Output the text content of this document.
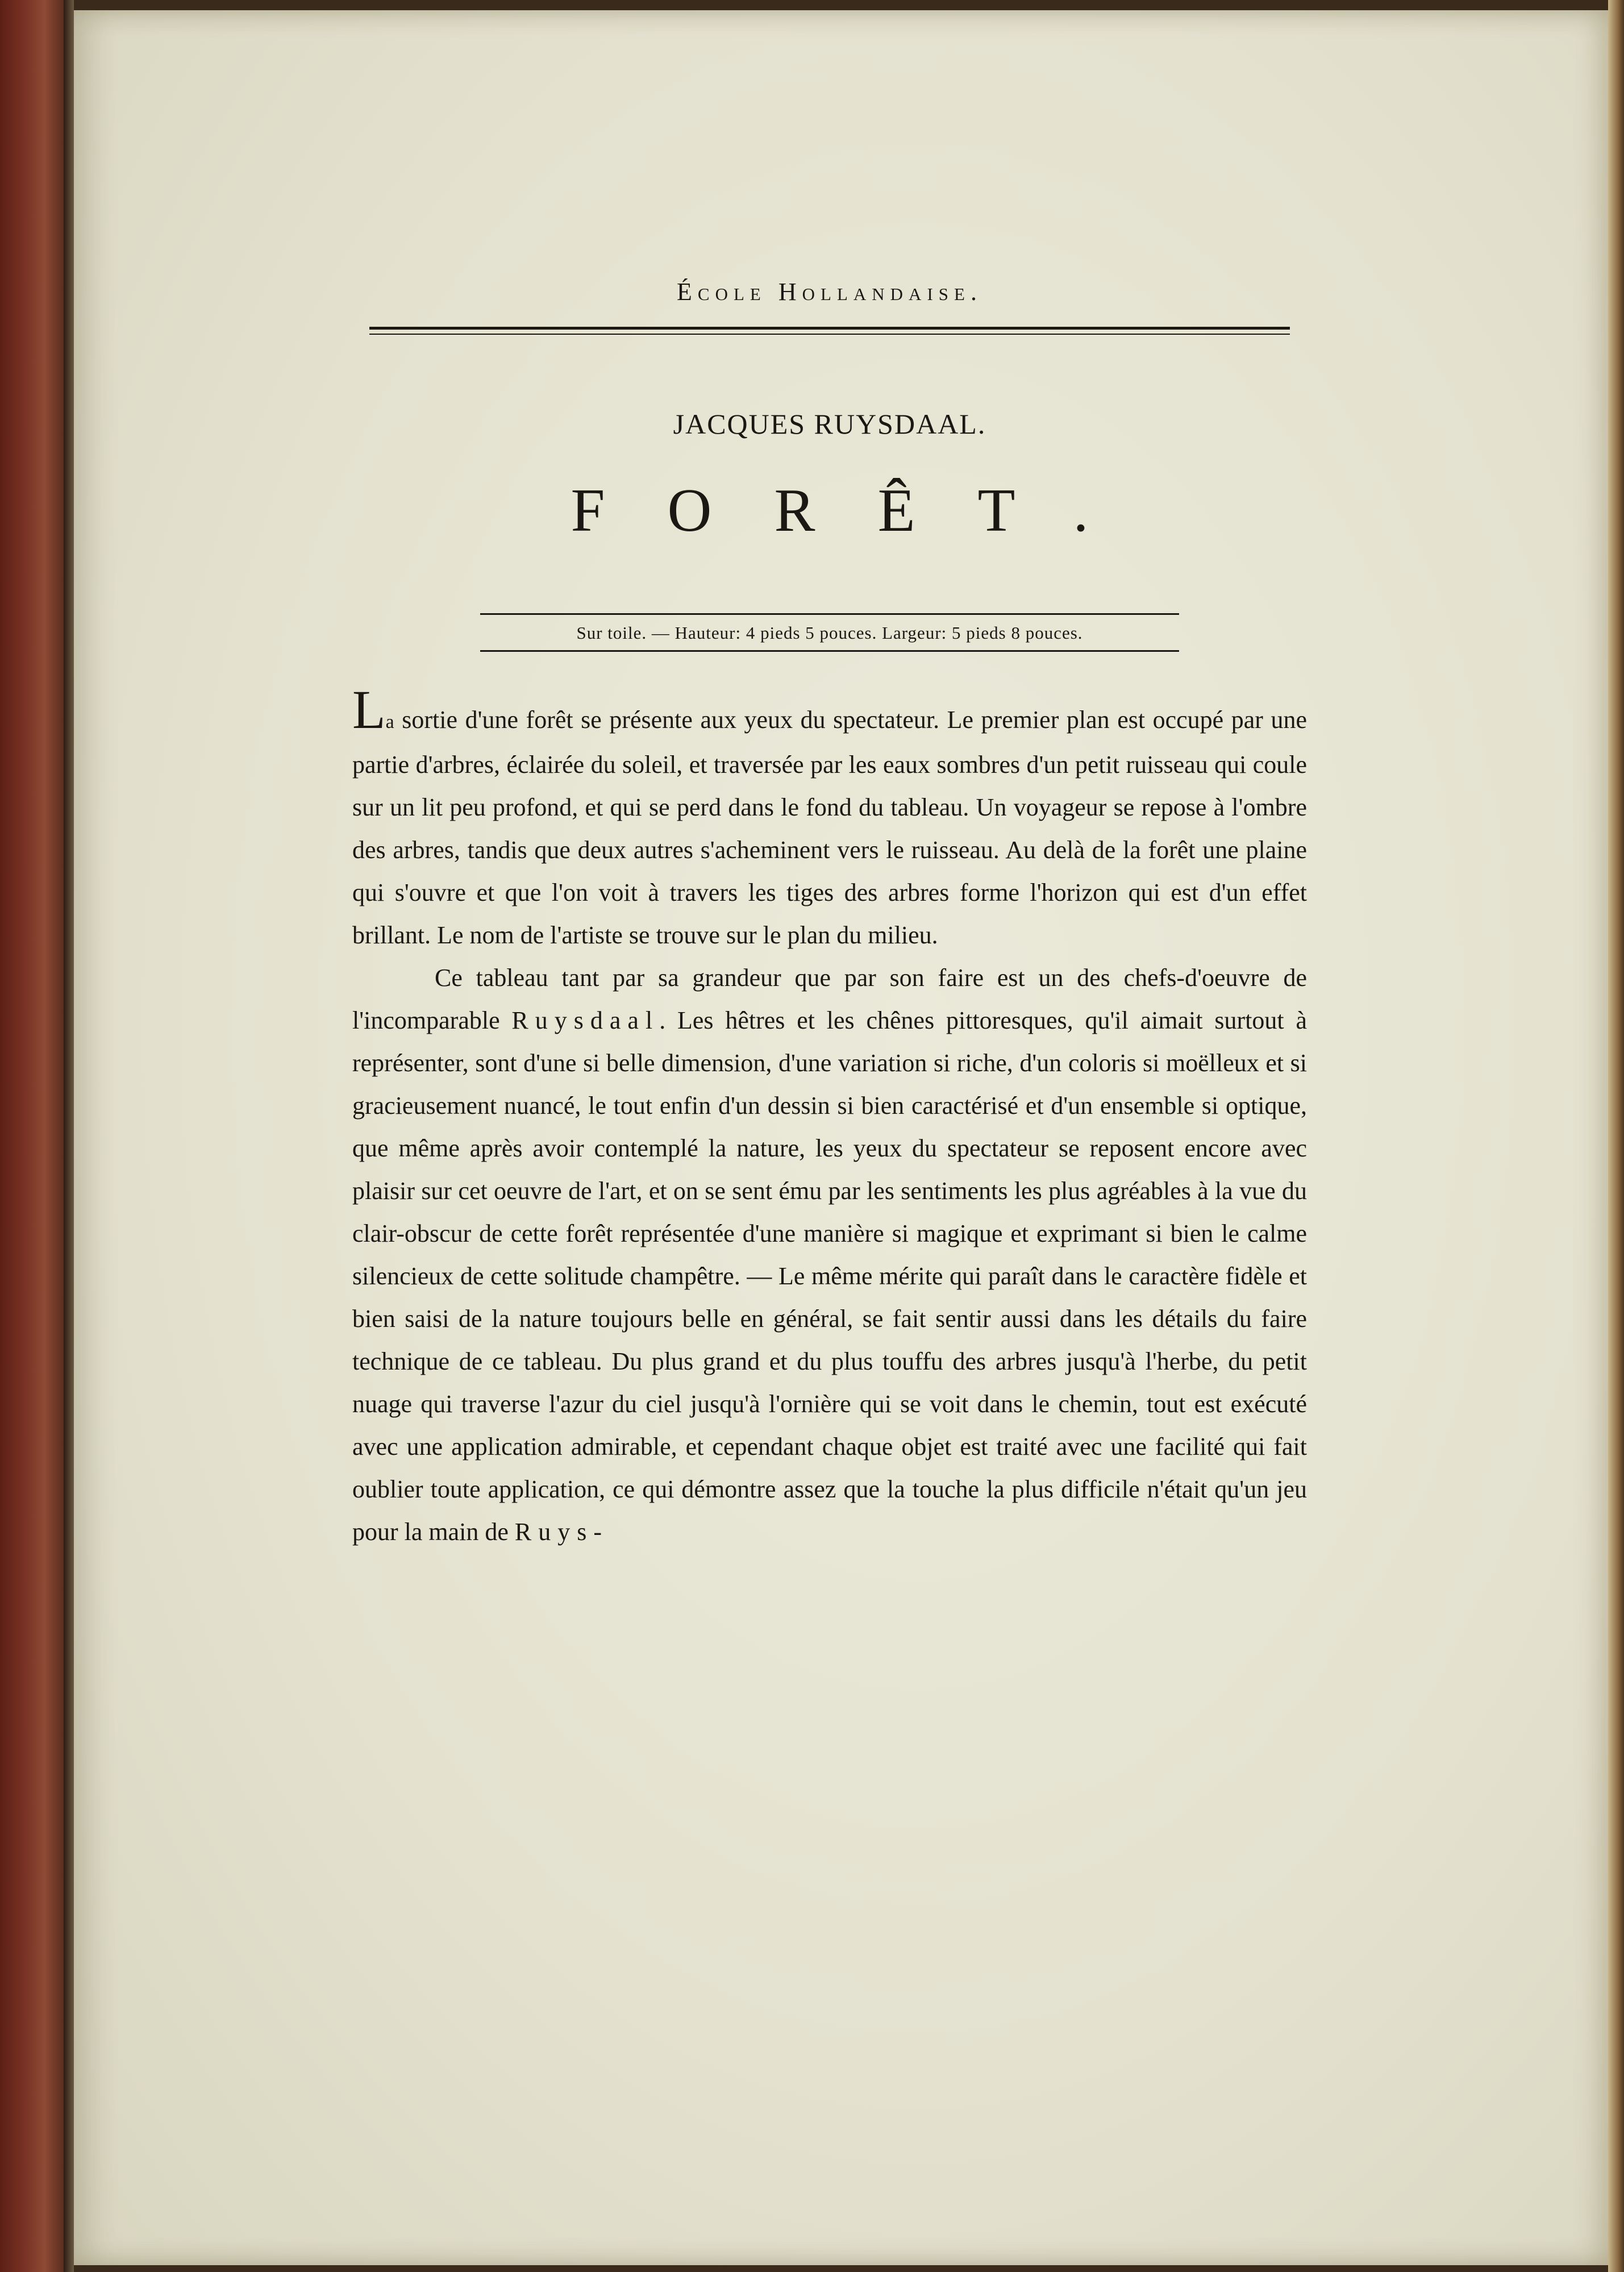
École Hollandaise.
JACQUES RUYSDAAL.
FORÊT.
Sur toile. — Hauteur: 4 pieds 5 pouces. Largeur: 5 pieds 8 pouces.

La sortie d'une forêt se présente aux yeux du spectateur. Le premier plan est occupé par une partie d'arbres, éclairée du soleil, et traversée par les eaux sombres d'un petit ruisseau qui coule sur un lit peu profond, et qui se perd dans le fond du tableau. Un voyageur se repose à l'ombre des arbres, tandis que deux autres s'acheminent vers le ruisseau. Au delà de la forêt une plaine qui s'ouvre et que l'on voit à travers les tiges des arbres forme l'horizon qui est d'un effet brillant. Le nom de l'artiste se trouve sur le plan du milieu.

Ce tableau tant par sa grandeur que par son faire est un des chefs-d'oeuvre de l'incomparable Ruysdaal. Les hêtres et les chênes pittoresques, qu'il aimait surtout à représenter, sont d'une si belle dimension, d'une variation si riche, d'un coloris si moëlleux et si gracieusement nuancé, le tout enfin d'un dessin si bien caractérisé et d'un ensemble si optique, que même après avoir contemplé la nature, les yeux du spectateur se reposent encore avec plaisir sur cet oeuvre de l'art, et on se sent ému par les sentiments les plus agréables à la vue du clair-obscur de cette forêt représentée d'une manière si magique et exprimant si bien le calme silencieux de cette solitude champêtre. — Le même mérite qui paraît dans le caractère fidèle et bien saisi de la nature toujours belle en général, se fait sentir aussi dans les détails du faire technique de ce tableau. Du plus grand et du plus touffu des arbres jusqu'à l'herbe, du petit nuage qui traverse l'azur du ciel jusqu'à l'ornière qui se voit dans le chemin, tout est exécuté avec une application admirable, et cependant chaque objet est traité avec une facilité qui fait oublier toute application, ce qui démontre assez que la touche la plus difficile n'était qu'un jeu pour la main de Ruys-
